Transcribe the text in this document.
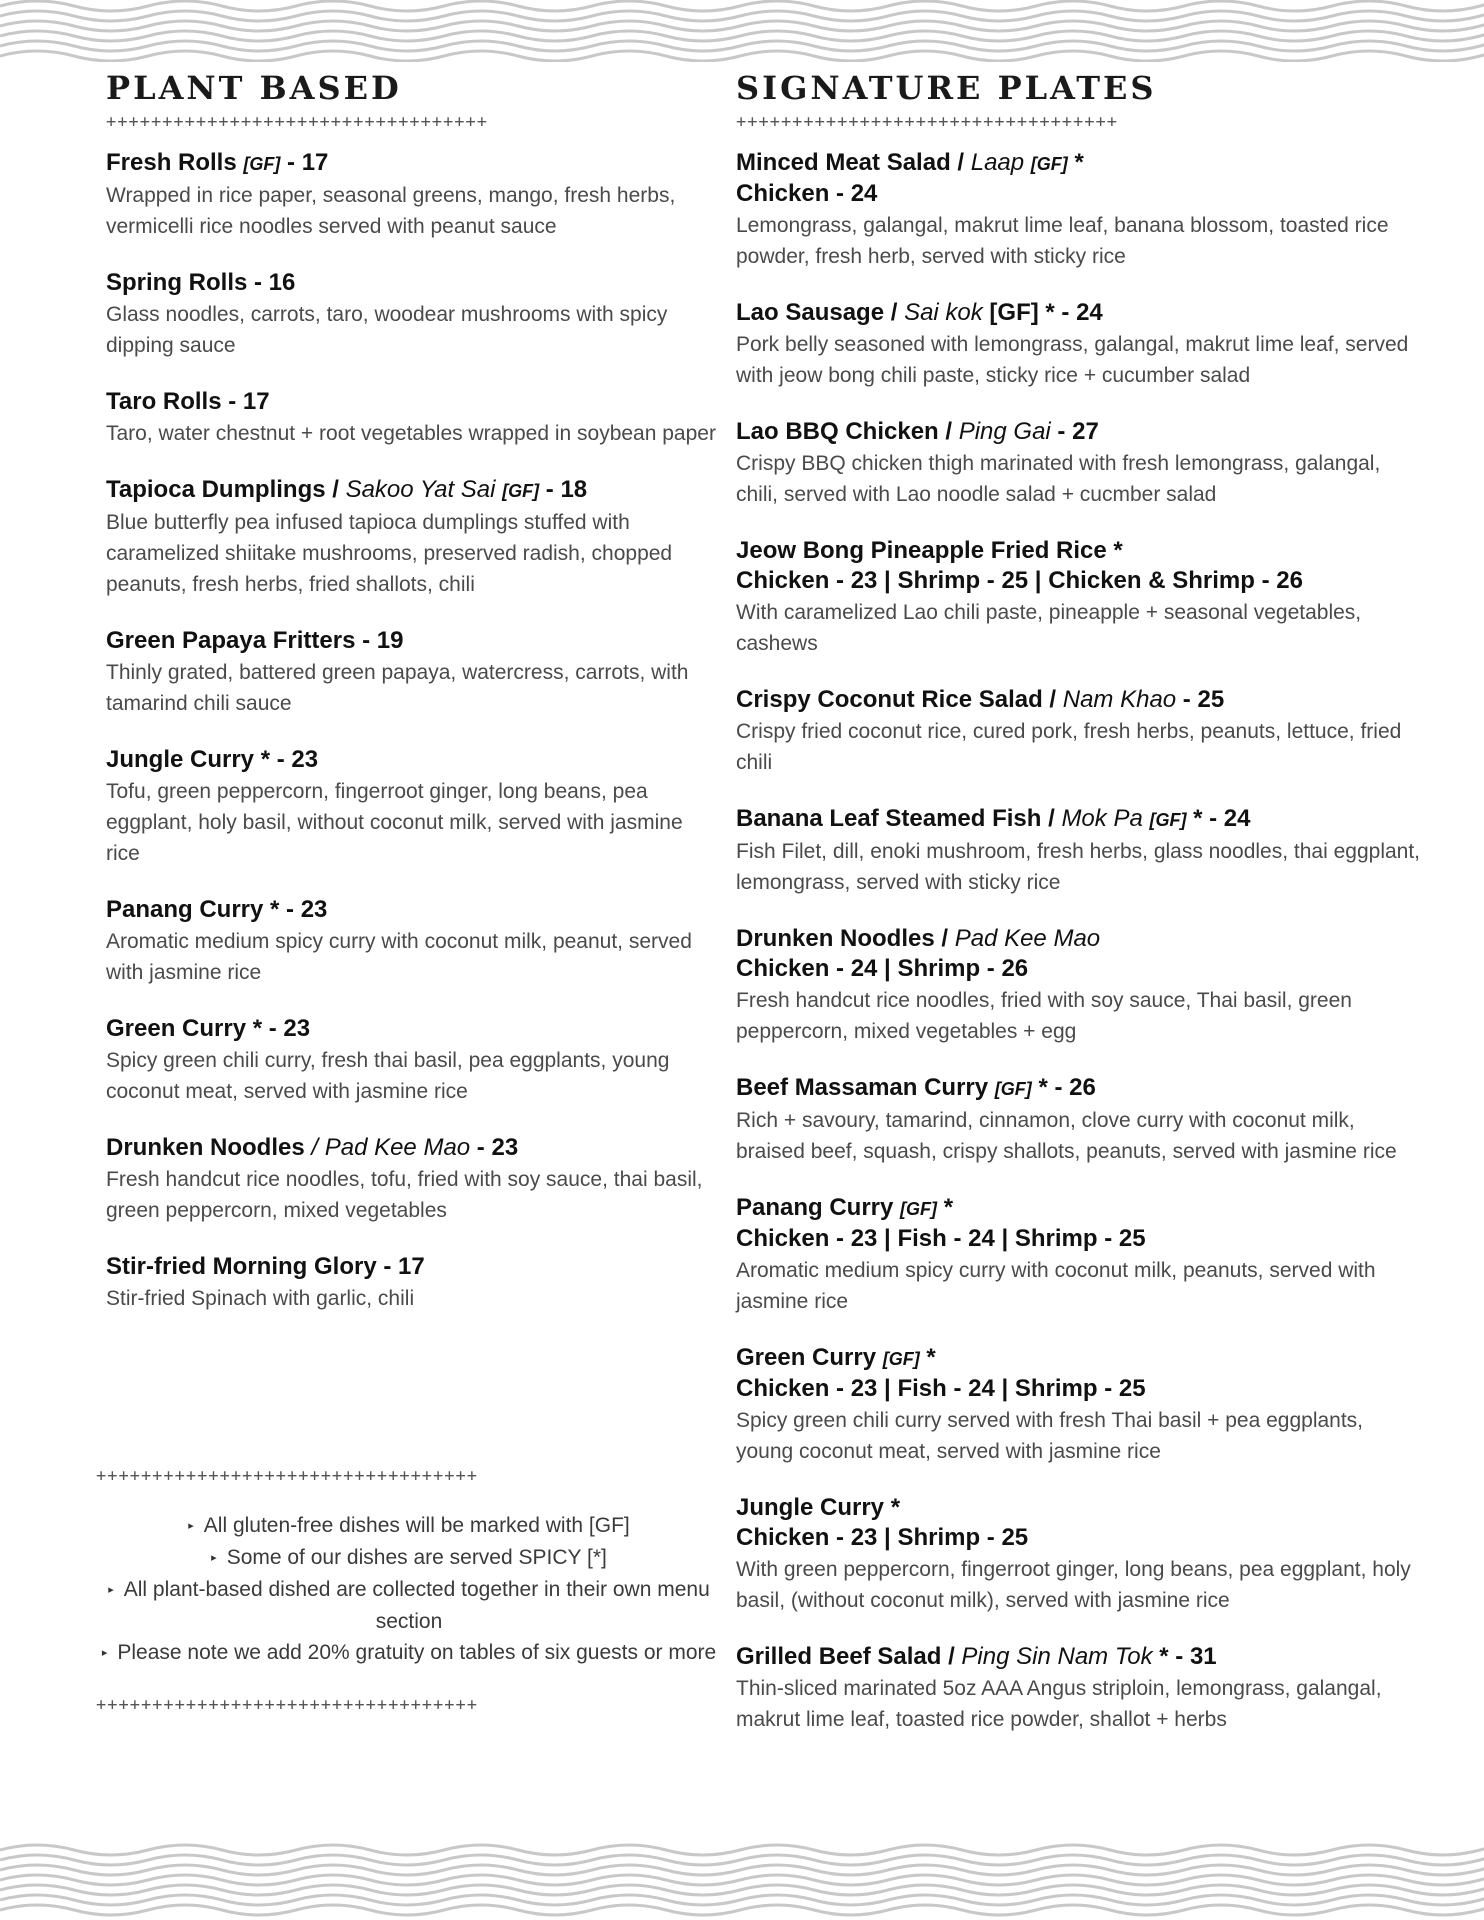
PLANT BASED
++++++++++++++++++++++++++++++++++
Fresh Rolls [GF] - 17
Wrapped in rice paper, seasonal greens, mango, fresh herbs, vermicelli rice noodles served with peanut sauce
Spring Rolls - 16
Glass noodles, carrots, taro, woodear mushrooms with spicy dipping sauce
Taro Rolls - 17
Taro, water chestnut + root vegetables wrapped in soybean paper
Tapioca Dumplings / Sakoo Yat Sai [GF] - 18
Blue butterfly pea infused tapioca dumplings stuffed with caramelized shiitake mushrooms, preserved radish, chopped peanuts, fresh herbs, fried shallots, chili
Green Papaya Fritters - 19
Thinly grated, battered green papaya, watercress, carrots, with tamarind chili sauce
Jungle Curry * - 23
Tofu, green peppercorn, fingerroot ginger, long beans, pea eggplant, holy basil, without coconut milk, served with jasmine rice
Panang Curry * - 23
Aromatic medium spicy curry with coconut milk, peanut, served with jasmine rice
Green Curry * - 23
Spicy green chili curry, fresh thai basil, pea eggplants, young coconut meat, served with jasmine rice
Drunken Noodles / Pad Kee Mao - 23
Fresh handcut rice noodles, tofu, fried with soy sauce, thai basil, green peppercorn, mixed vegetables
Stir-fried Morning Glory - 17
Stir-fried Spinach with garlic, chili
++++++++++++++++++++++++++++++++++
▸ All gluten-free dishes will be marked with [GF]
▸ Some of our dishes are served SPICY [*]
▸ All plant-based dished are collected together in their own menu section
▸ Please note we add 20% gratuity on tables of six guests or more
++++++++++++++++++++++++++++++++++
SIGNATURE PLATES
++++++++++++++++++++++++++++++++++
Minced Meat Salad / Laap [GF] *
Chicken - 24
Lemongrass, galangal, makrut lime leaf, banana blossom, toasted rice powder, fresh herb, served with sticky rice
Lao Sausage / Sai kok [GF] * - 24
Pork belly seasoned with lemongrass, galangal, makrut lime leaf, served with jeow bong chili paste, sticky rice + cucumber salad
Lao BBQ Chicken / Ping Gai - 27
Crispy BBQ chicken thigh marinated with fresh lemongrass, galangal, chili, served with Lao noodle salad + cucmber salad
Jeow Bong Pineapple Fried Rice *
Chicken - 23 | Shrimp - 25 | Chicken & Shrimp - 26
With caramelized Lao chili paste, pineapple + seasonal vegetables, cashews
Crispy Coconut Rice Salad / Nam Khao - 25
Crispy fried coconut rice, cured pork, fresh herbs, peanuts, lettuce, fried chili
Banana Leaf Steamed Fish / Mok Pa [GF] * - 24
Fish Filet, dill, enoki mushroom, fresh herbs, glass noodles, thai eggplant, lemongrass, served with sticky rice
Drunken Noodles / Pad Kee Mao
Chicken - 24 | Shrimp - 26
Fresh handcut rice noodles, fried with soy sauce, Thai basil, green peppercorn, mixed vegetables + egg
Beef Massaman Curry [GF] * - 26
Rich + savoury, tamarind, cinnamon, clove curry with coconut milk, braised beef, squash, crispy shallots, peanuts, served with jasmine rice
Panang Curry [GF] *
Chicken - 23 | Fish - 24 | Shrimp - 25
Aromatic medium spicy curry with coconut milk, peanuts, served with jasmine rice
Green Curry [GF] *
Chicken - 23 | Fish - 24 | Shrimp - 25
Spicy green chili curry served with fresh Thai basil + pea eggplants, young coconut meat, served with jasmine rice
Jungle Curry *
Chicken - 23 | Shrimp - 25
With green peppercorn, fingerroot ginger, long beans, pea eggplant, holy basil, (without coconut milk), served with jasmine rice
Grilled Beef Salad / Ping Sin Nam Tok * - 31
Thin-sliced marinated 5oz AAA Angus striploin, lemongrass, galangal, makrut lime leaf, toasted rice powder, shallot + herbs
